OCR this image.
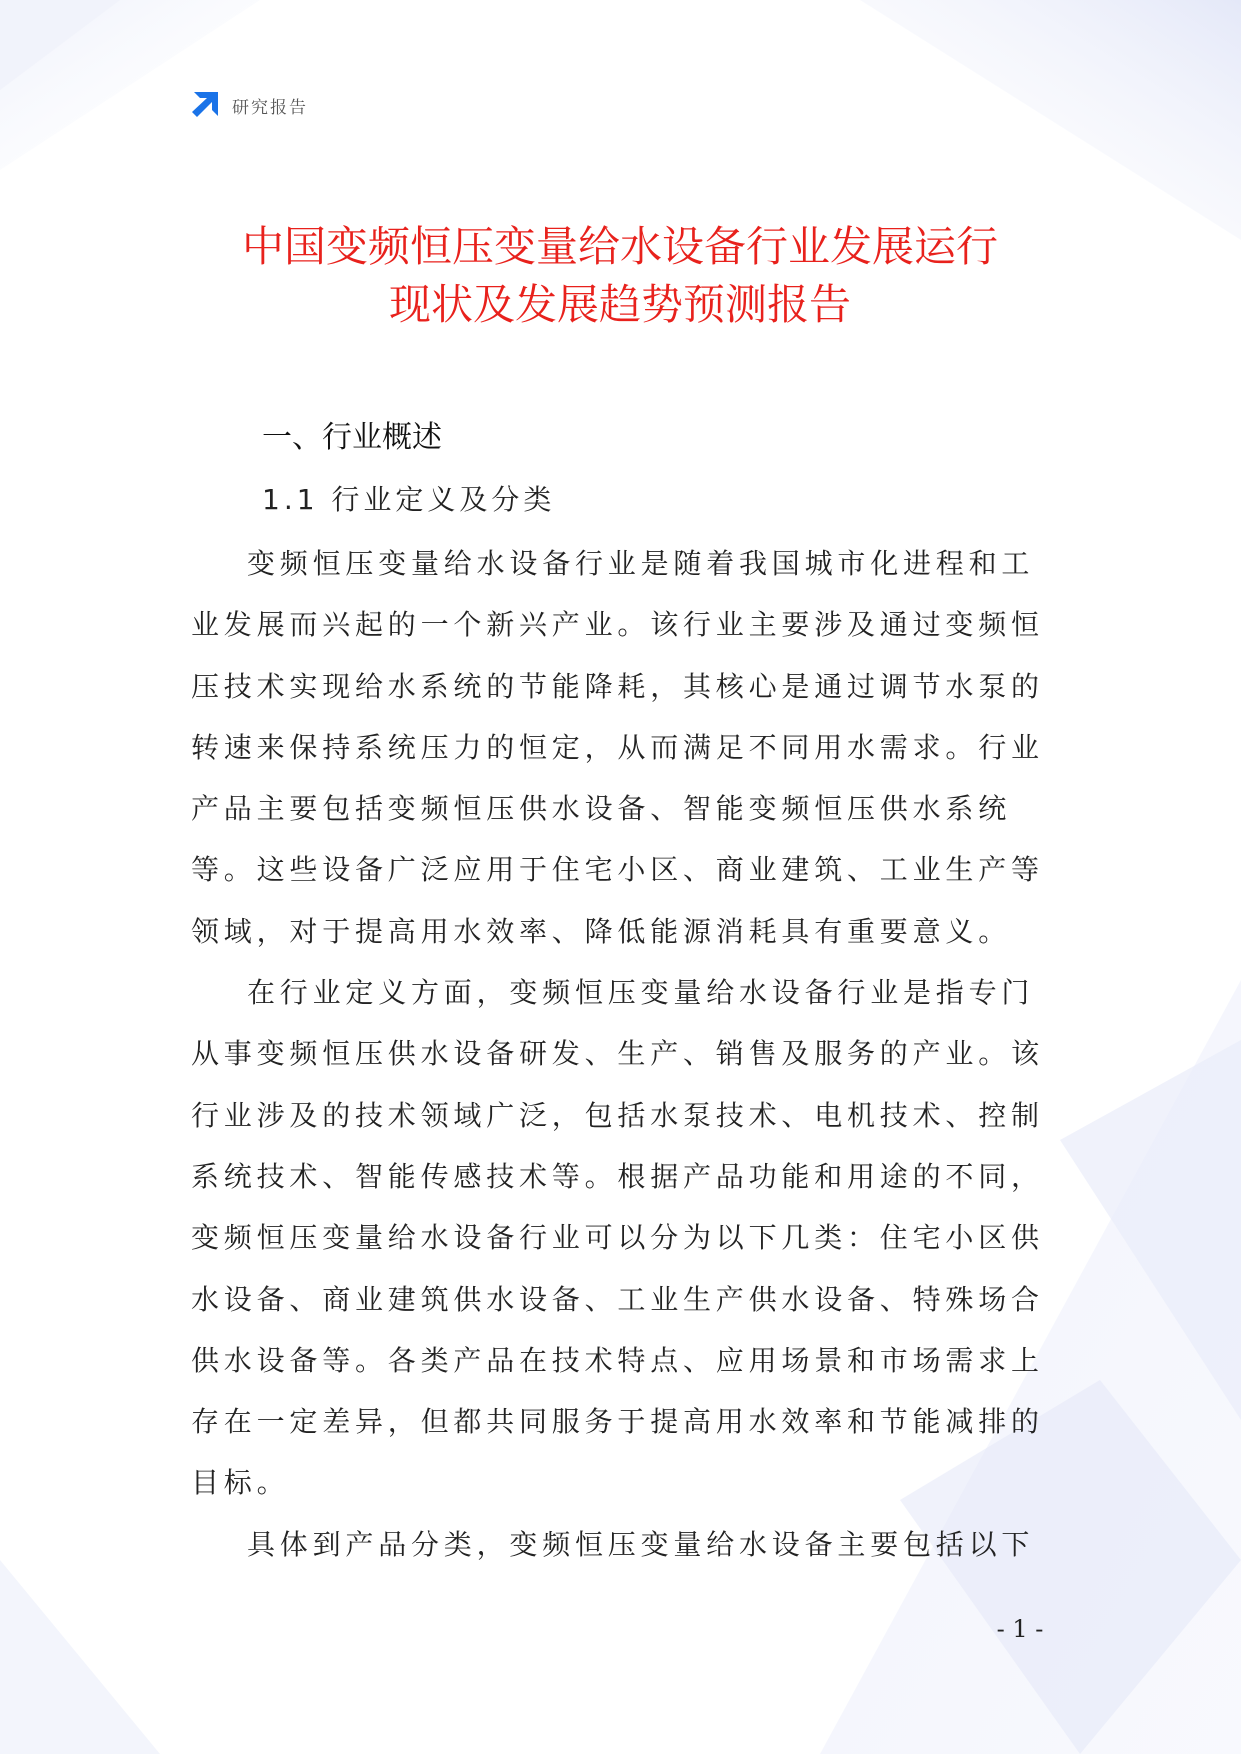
研究报告
中国变频恒压变量给水设备行业发展运行
现状及发展趋势预测报告
一、行业概述
1.1 行业定义及分类

变频恒压变量给水设备行业是随着我国城市化进程和工业发展而兴起的一个新兴产业。该行业主要涉及通过变频恒压技术实现给水系统的节能降耗，其核心是通过调节水泵的转速来保持系统压力的恒定，从而满足不同用水需求。行业产品主要包括变频恒压供水设备、智能变频恒压供水系统等。这些设备广泛应用于住宅小区、商业建筑、工业生产等领域，对于提高用水效率、降低能源消耗具有重要意义。

在行业定义方面，变频恒压变量给水设备行业是指专门从事变频恒压供水设备研发、生产、销售及服务的产业。该行业涉及的技术领域广泛，包括水泵技术、电机技术、控制系统技术、智能传感技术等。根据产品功能和用途的不同，变频恒压变量给水设备行业可以分为以下几类：住宅小区供水设备、商业建筑供水设备、工业生产供水设备、特殊场合供水设备等。各类产品在技术特点、应用场景和市场需求上存在一定差异，但都共同服务于提高用水效率和节能减排的目标。

具体到产品分类，变频恒压变量给水设备主要包括以下

- 1 -
